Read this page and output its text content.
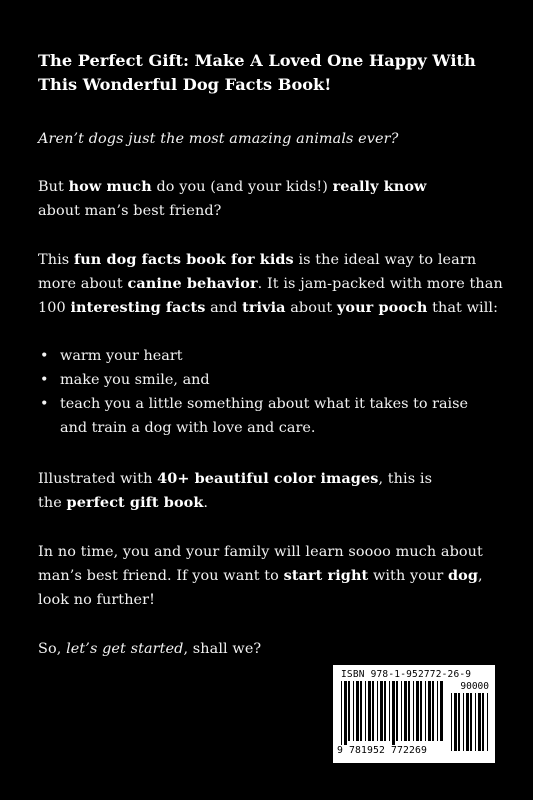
The Perfect Gift: Make A Loved One Happy With
This Wonderful Dog Facts Book!
Aren’t dogs just the most amazing animals ever?
But how much do you (and your kids!) really know about man’s best friend?
This fun dog facts book for kids is the ideal way to learn more about canine behavior. It is jam-packed with more than 100 interesting facts and trivia about your pooch that will:
• warm your heart
• make you smile, and
• teach you a little something about what it takes to raise and train a dog with love and care.
Illustrated with 40+ beautiful color images, this is the perfect gift book.
In no time, you and your family will learn soooo much about man’s best friend. If you want to start right with your dog, look no further!
So, let’s get started, shall we?
ISBN 978-1-952772-26-9
9 781952 772269
90000
